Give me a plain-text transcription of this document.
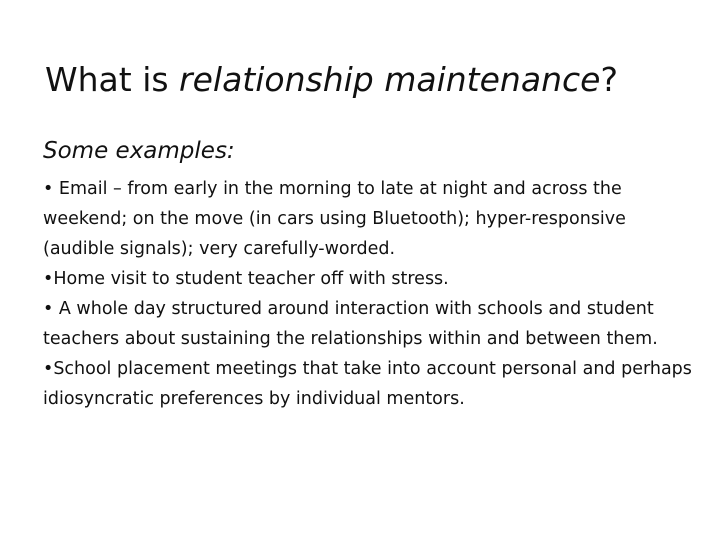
What is relationship maintenance?

Some examples:

• Email – from early in the morning to late at night and across the weekend; on the move (in cars using Bluetooth); hyper-responsive (audible signals); very carefully-worded.

•Home visit to student teacher off with stress.

• A whole day structured around interaction with schools and student teachers about sustaining the relationships within and between them.

•School placement meetings that take into account personal and perhaps idiosyncratic preferences by individual mentors.
